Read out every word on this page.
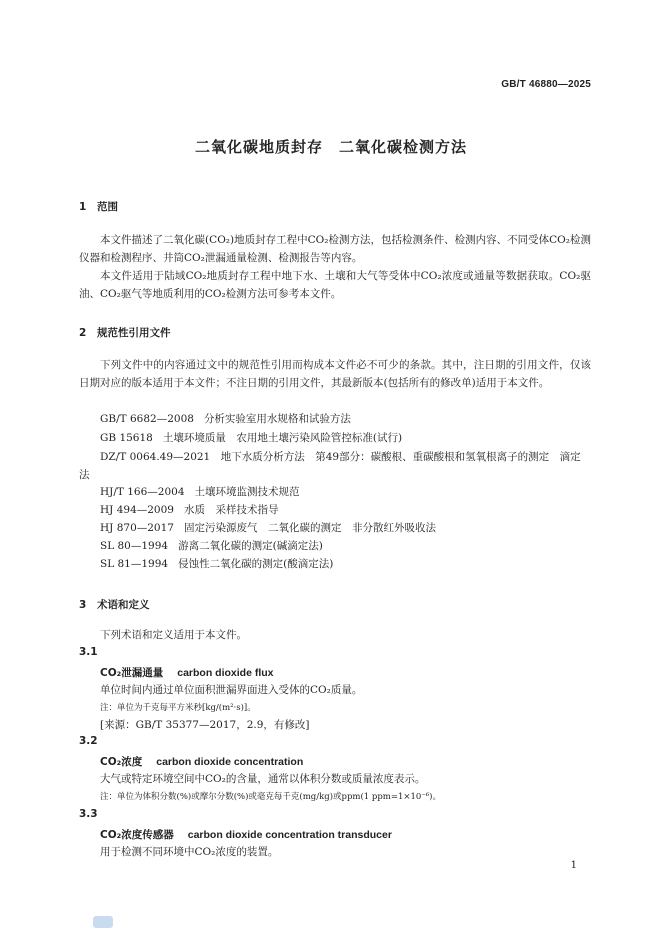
GB/T 46880—2025
二氧化碳地质封存　二氧化碳检测方法
1 范围

本文件描述了二氧化碳(CO₂)地质封存工程中CO₂检测方法，包括检测条件、检测内容、不同受体CO₂检测仪器和检测程序、井筒CO₂泄漏通量检测、检测报告等内容。

本文件适用于陆域CO₂地质封存工程中地下水、土壤和大气等受体中CO₂浓度或通量等数据获取。CO₂驱油、CO₂驱气等地质利用的CO₂检测方法可参考本文件。

2 规范性引用文件

下列文件中的内容通过文中的规范性引用而构成本文件必不可少的条款。其中，注日期的引用文件，仅该日期对应的版本适用于本文件；不注日期的引用文件，其最新版本(包括所有的修改单)适用于本文件。

GB/T 6682—2008 分析实验室用水规格和试验方法
GB 15618 土壤环境质量　农用地土壤污染风险管控标准(试行)

DZ/T 0064.49—2021　 地下水质分析方法　第49部分：碳酸根、重碳酸根和氢氧根离子的测定　滴定法

HJ/T 166—2004 土壤环境监测技术规范
HJ 494—2009 水质　采样技术指导
HJ 870—2017 固定污染源废气　二氧化碳的测定　非分散红外吸收法
SL 80—1994 游离二氧化碳的测定(碱滴定法)
SL 81—1994 侵蚀性二氧化碳的测定(酸滴定法)
3 术语和定义
下列术语和定义适用于本文件。
3.1
CO₂泄漏通量 carbon dioxide flux
单位时间内通过单位面积泄漏界面进入受体的CO₂质量。
注：单位为千克每平方米秒[kg/(m²·s)]。
[来源：GB/T 35377—2017，2.9，有修改]
3.2
CO₂浓度 carbon dioxide concentration
大气或特定环境空间中CO₂的含量，通常以体积分数或质量浓度表示。
注：单位为体积分数(%)或摩尔分数(%)或毫克每千克(mg/kg)或ppm(1 ppm=1×10⁻⁶)。
3.3
CO₂浓度传感器 carbon dioxide concentration transducer
用于检测不同环境中CO₂浓度的装置。
1
